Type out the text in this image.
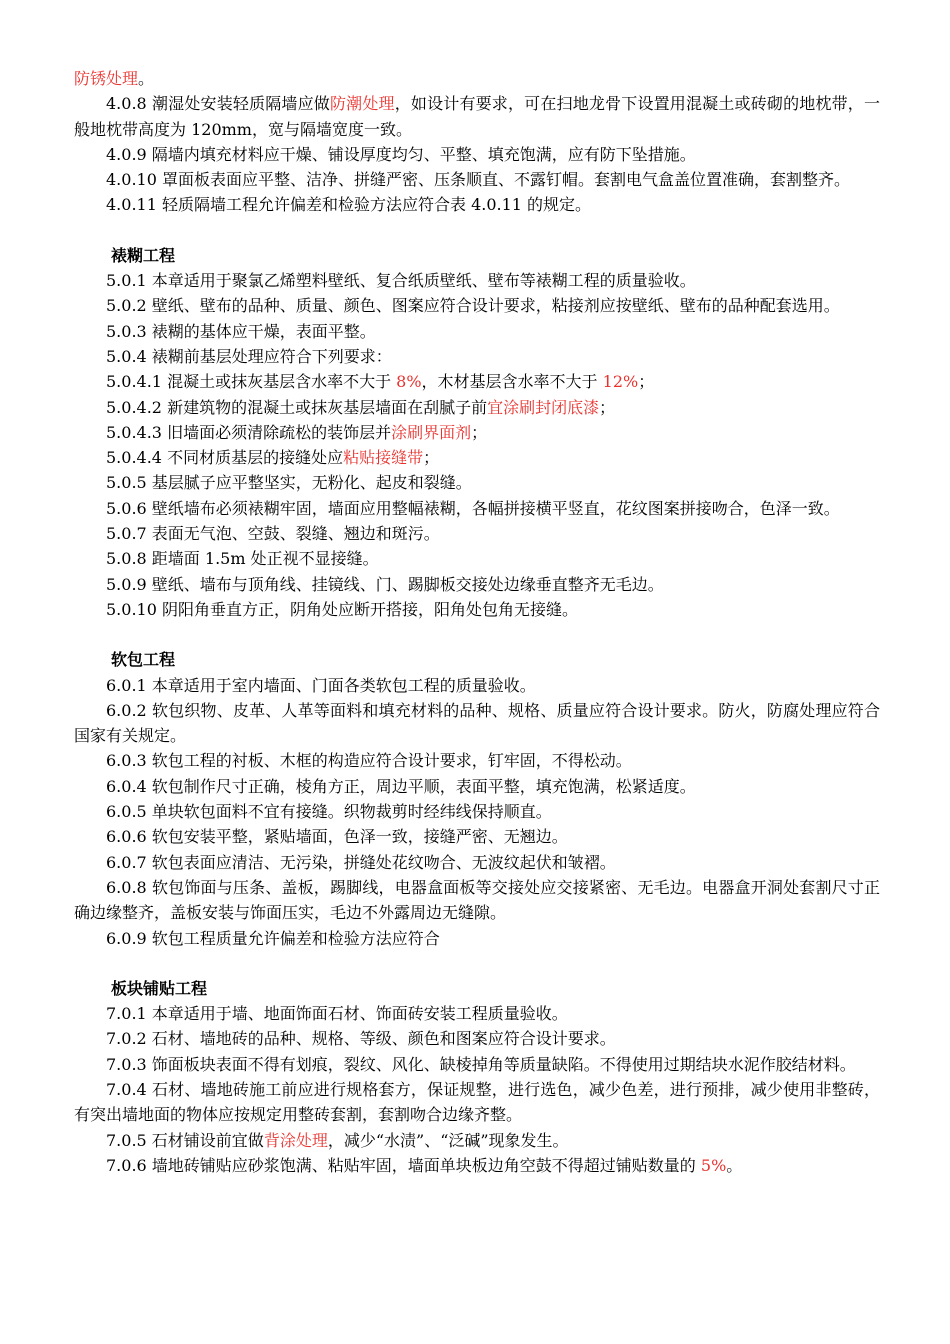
防锈处理。
4.0.8 潮湿处安装轻质隔墙应做防潮处理，如设计有要求，可在扫地龙骨下设置用混凝土或砖砌的地枕带，一般地枕带高度为 120mm，宽与隔墙宽度一致。
4.0.9 隔墙内填充材料应干燥、铺设厚度均匀、平整、填充饱满，应有防下坠措施。
4.0.10 罩面板表面应平整、洁净、拼缝严密、压条顺直、不露钉帽。套割电气盒盖位置准确，套割整齐。
4.0.11 轻质隔墙工程允许偏差和检验方法应符合表 4.0.11 的规定。
裱糊工程
5.0.1 本章适用于聚氯乙烯塑料壁纸、复合纸质壁纸、壁布等裱糊工程的质量验收。
5.0.2 壁纸、壁布的品种、质量、颜色、图案应符合设计要求，粘接剂应按壁纸、壁布的品种配套选用。
5.0.3 裱糊的基体应干燥，表面平整。
5.0.4 裱糊前基层处理应符合下列要求：
5.0.4.1 混凝土或抹灰基层含水率不大于 8%，木材基层含水率不大于 12%；
5.0.4.2 新建筑物的混凝土或抹灰基层墙面在刮腻子前宜涂刷封闭底漆；
5.0.4.3 旧墙面必须清除疏松的装饰层并涂刷界面剂；
5.0.4.4 不同材质基层的接缝处应粘贴接缝带；
5.0.5 基层腻子应平整坚实，无粉化、起皮和裂缝。
5.0.6 壁纸墙布必须裱糊牢固，墙面应用整幅裱糊，各幅拼接横平竖直，花纹图案拼接吻合，色泽一致。
5.0.7 表面无气泡、空鼓、裂缝、翘边和斑污。
5.0.8 距墙面 1.5m 处正视不显接缝。
5.0.9 壁纸、墙布与顶角线、挂镜线、门、踢脚板交接处边缘垂直整齐无毛边。
5.0.10 阴阳角垂直方正，阴角处应断开搭接，阳角处包角无接缝。
软包工程
6.0.1 本章适用于室内墙面、门面各类软包工程的质量验收。
6.0.2 软包织物、皮革、人革等面料和填充材料的品种、规格、质量应符合设计要求。防火，防腐处理应符合国家有关规定。
6.0.3 软包工程的衬板、木框的构造应符合设计要求，钉牢固，不得松动。
6.0.4 软包制作尺寸正确，棱角方正，周边平顺，表面平整，填充饱满，松紧适度。
6.0.5 单块软包面料不宜有接缝。织物裁剪时经纬线保持顺直。
6.0.6 软包安装平整，紧贴墙面，色泽一致，接缝严密、无翘边。
6.0.7 软包表面应清洁、无污染，拼缝处花纹吻合、无波纹起伏和皱褶。
6.0.8 软包饰面与压条、盖板，踢脚线，电器盒面板等交接处应交接紧密、无毛边。电器盒开洞处套割尺寸正确边缘整齐，盖板安装与饰面压实，毛边不外露周边无缝隙。
6.0.9 软包工程质量允许偏差和检验方法应符合
板块铺贴工程
7.0.1 本章适用于墙、地面饰面石材、饰面砖安装工程质量验收。
7.0.2 石材、墙地砖的品种、规格、等级、颜色和图案应符合设计要求。
7.0.3 饰面板块表面不得有划痕，裂纹、风化、缺棱掉角等质量缺陷。不得使用过期结块水泥作胶结材料。
7.0.4 石材、墙地砖施工前应进行规格套方，保证规整，进行选色，减少色差，进行预排，减少使用非整砖，有突出墙地面的物体应按规定用整砖套割，套割吻合边缘齐整。
7.0.5 石材铺设前宜做背涂处理，减少“水渍”、“泛碱”现象发生。
7.0.6 墙地砖铺贴应砂浆饱满、粘贴牢固，墙面单块板边角空鼓不得超过铺贴数量的 5%。
